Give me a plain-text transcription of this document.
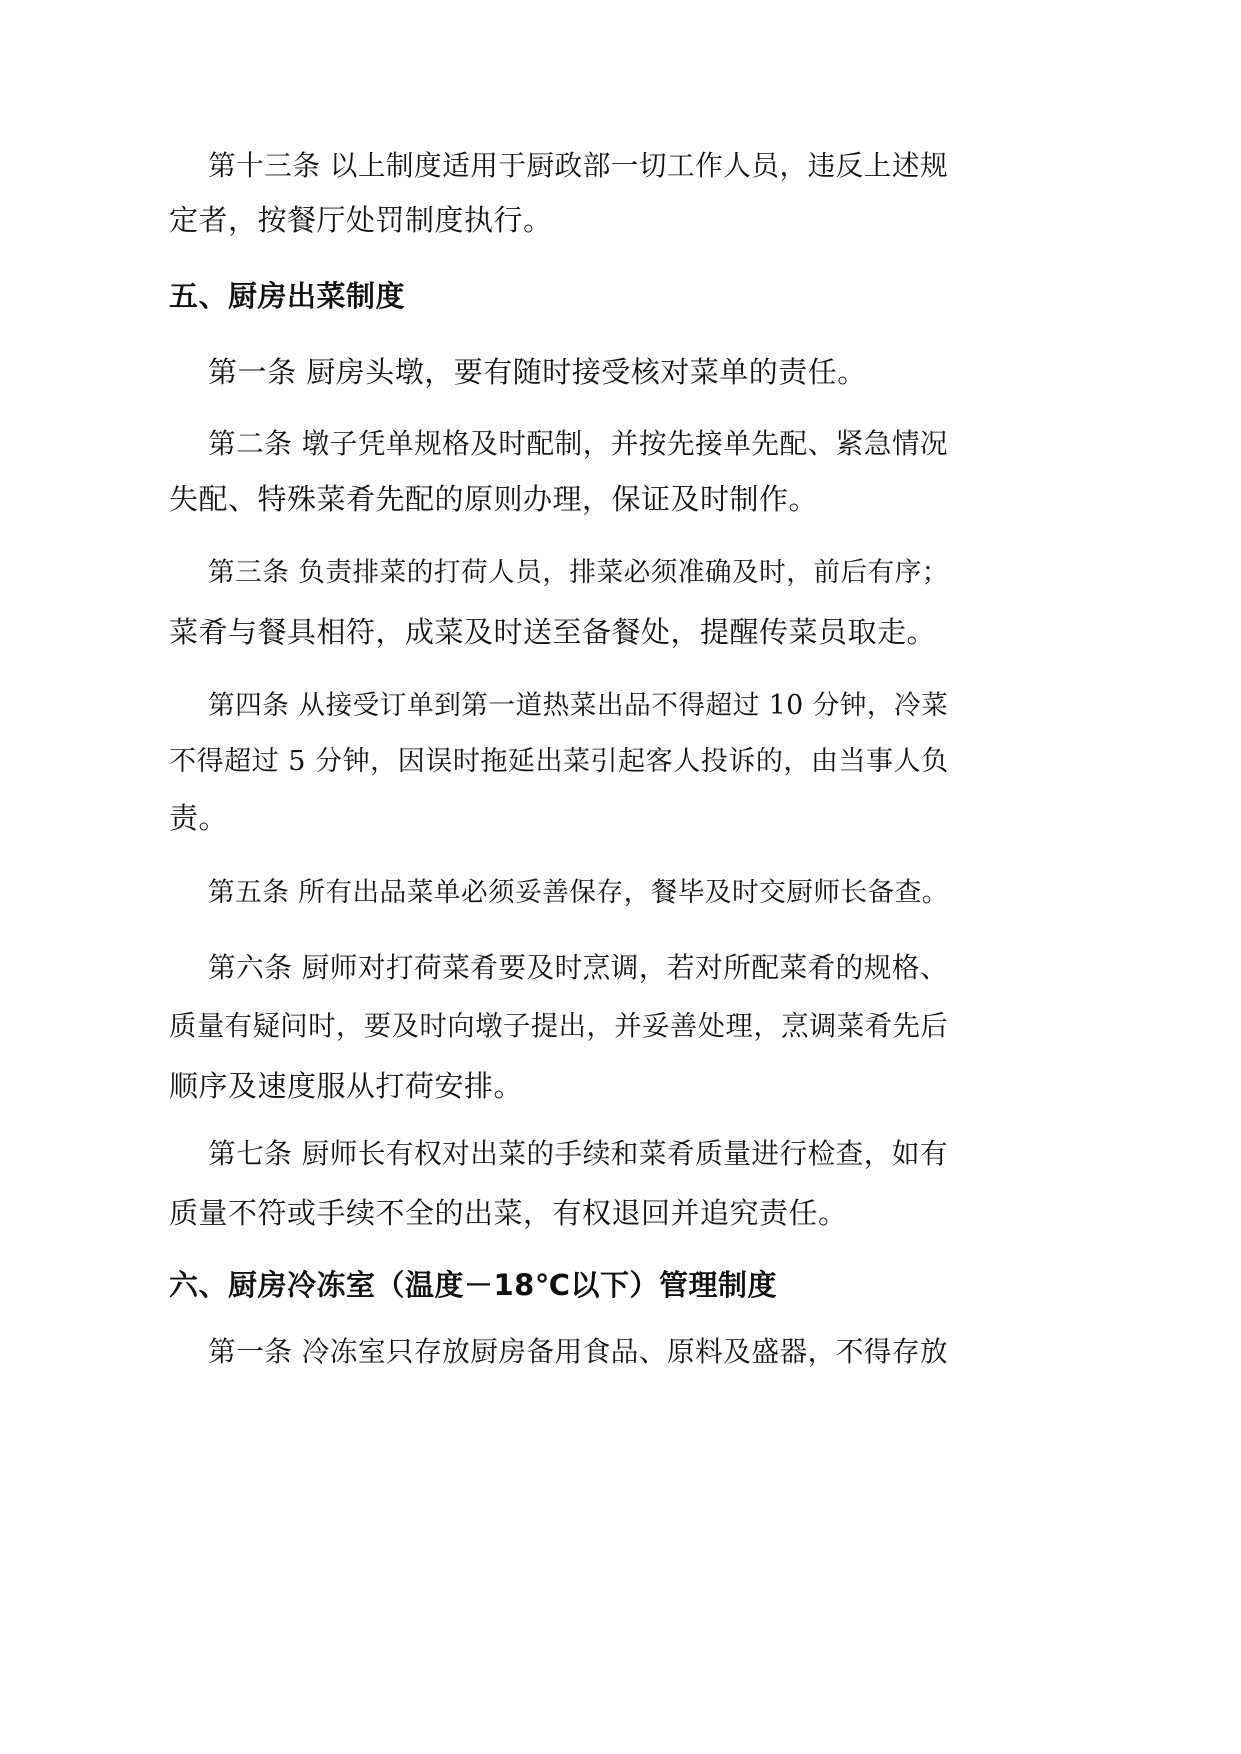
第十三条 以上制度适用于厨政部一切工作人员，违反上述规
定者，按餐厅处罚制度执行。
五、厨房出菜制度
第一条 厨房头墩，要有随时接受核对菜单的责任。
第二条 墩子凭单规格及时配制，并按先接单先配、紧急情况
失配、特殊菜肴先配的原则办理，保证及时制作。
第三条 负责排菜的打荷人员，排菜必须准确及时，前后有序；
菜肴与餐具相符，成菜及时送至备餐处，提醒传菜员取走。
第四条 从接受订单到第一道热菜出品不得超过 10 分钟，冷菜
不得超过 5 分钟，因误时拖延出菜引起客人投诉的，由当事人负
责。
第五条 所有出品菜单必须妥善保存，餐毕及时交厨师长备查。
第六条 厨师对打荷菜肴要及时烹调，若对所配菜肴的规格、
质量有疑问时，要及时向墩子提出，并妥善处理，烹调菜肴先后
顺序及速度服从打荷安排。
第七条 厨师长有权对出菜的手续和菜肴质量进行检查，如有
质量不符或手续不全的出菜，有权退回并追究责任。
六、厨房冷冻室（温度－18℃以下）管理制度
第一条 冷冻室只存放厨房备用食品、原料及盛器，不得存放
